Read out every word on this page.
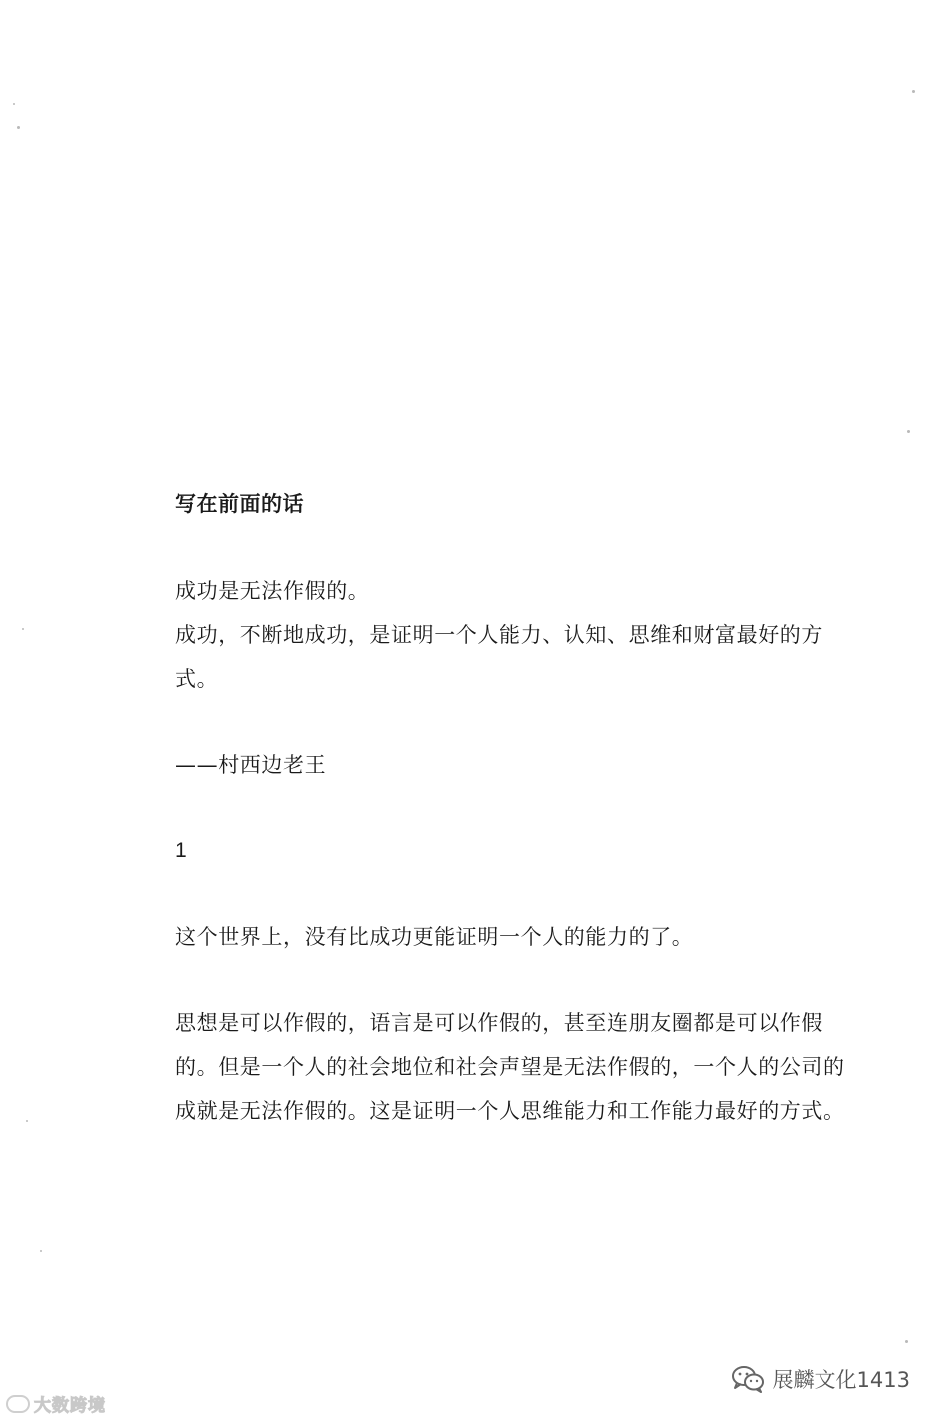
写在前面的话

成功是无法作假的。

成功，不断地成功，是证明一个人能力、认知、思维和财富最好的方式。

——村西边老王

1

这个世界上，没有比成功更能证明一个人的能力的了。

思想是可以作假的，语言是可以作假的，甚至连朋友圈都是可以作假的。但是一个人的社会地位和社会声望是无法作假的，一个人的公司的成就是无法作假的。这是证明一个人思维能力和工作能力最好的方式。

大数跨境
展麟文化1413
